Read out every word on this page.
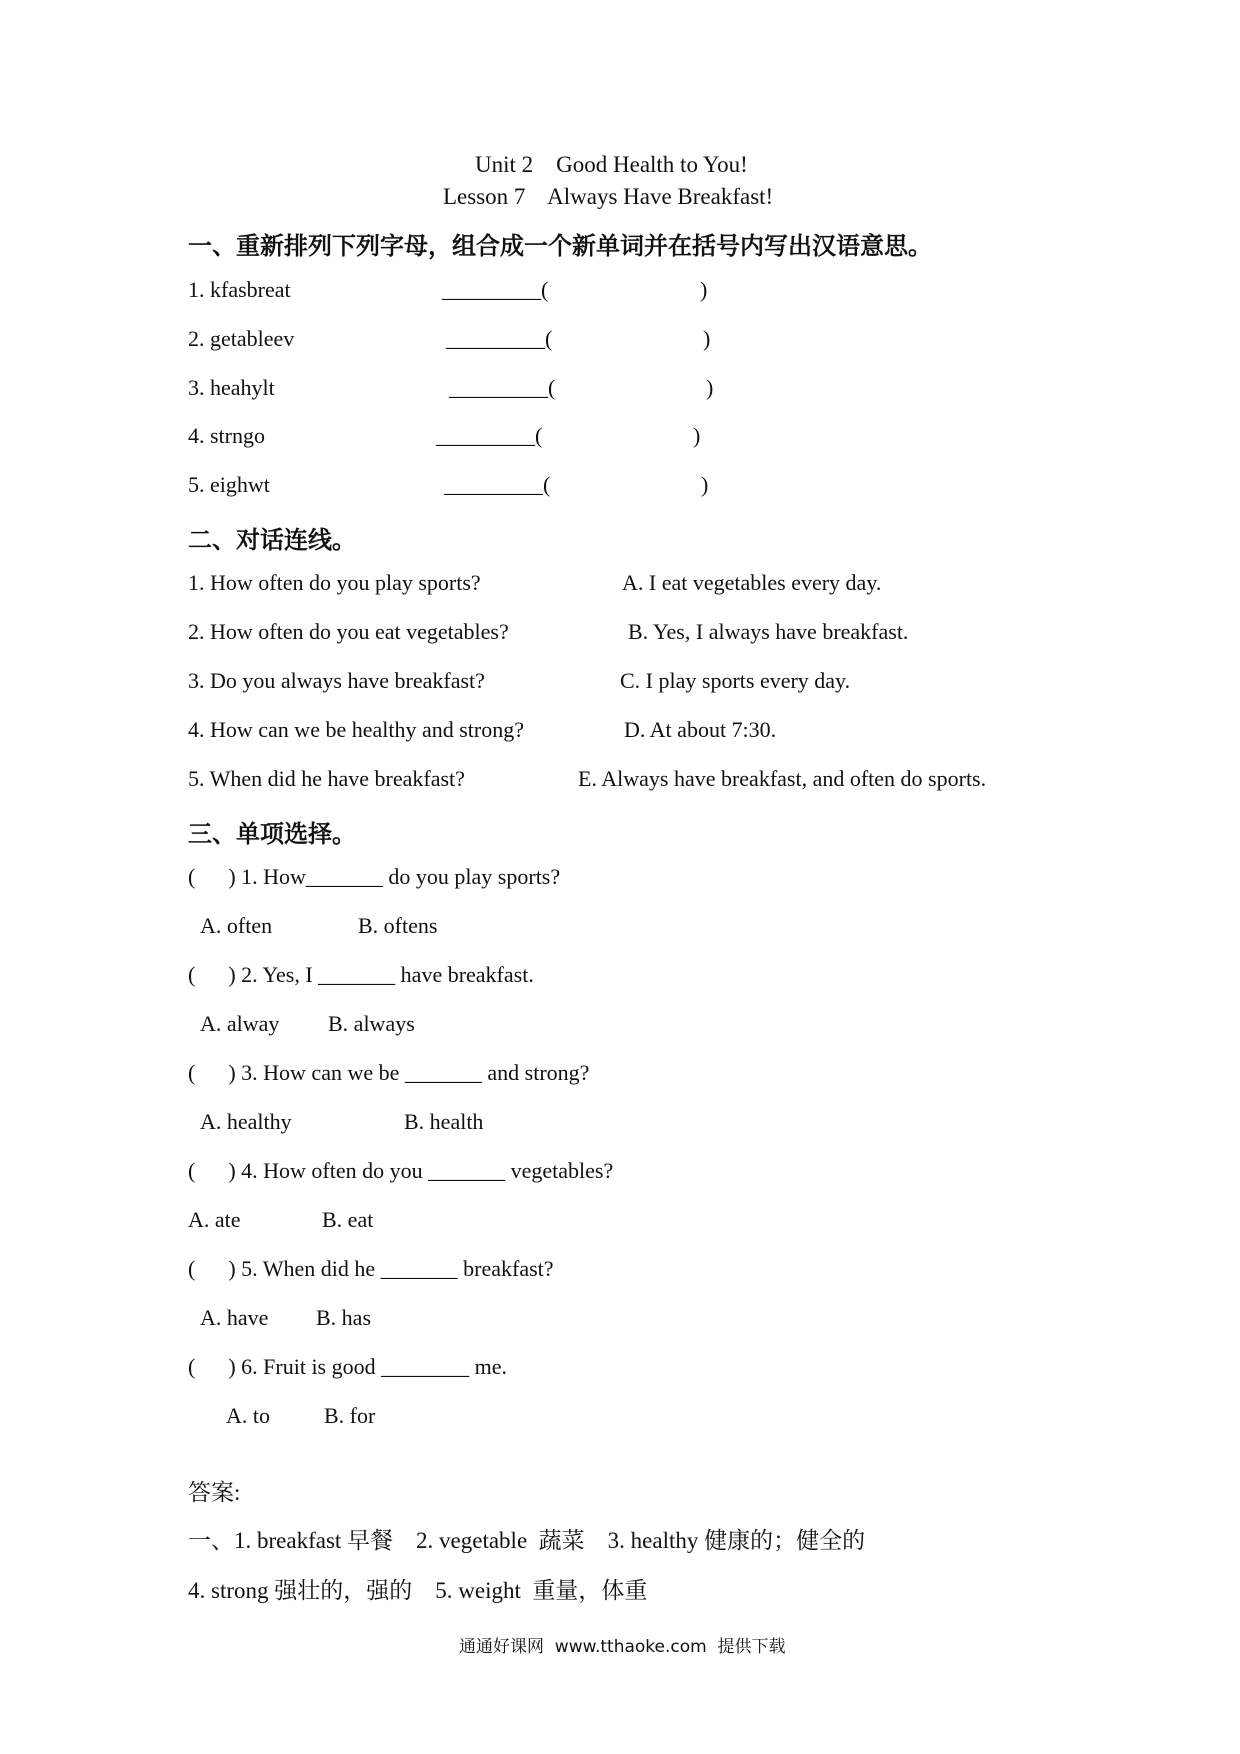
Unit 2    Good Health to You!
Lesson 7    Always Have Breakfast!
一、重新排列下列字母，组合成一个新单词并在括号内写出汉语意思。
1. kfasbreat	_________(	)
2. getableev	_________(	)
3. heahylt	_________(	)
4. strngo	_________(	)
5. eighwt	_________(	)
二、对话连线。
1. How often do you play sports?	A. I eat vegetables every day.
2. How often do you eat vegetables?	B. Yes, I always have breakfast.
3. Do you always have breakfast?	C. I play sports every day.
4. How can we be healthy and strong?	D. At about 7:30.
5. When did he have breakfast?	E. Always have breakfast, and often do sports.
三、单项选择。
(      ) 1. How_______ do you play sports?
A. often	B. oftens
(      ) 2. Yes, I _______ have breakfast.
A. alway B. always
(      ) 3. How can we be _______ and strong?
A. healthy	B. health
(      ) 4. How often do you _______ vegetables?
A. ate	B. eat
(      ) 5. When did he _______ breakfast?
A. have B. has
(      ) 6. Fruit is good ________ me.
A. to B. for
答案:
一、1. breakfast 早餐    2. vegetable  蔬菜    3. healthy 健康的；健全的
4. strong 强壮的，强的    5. weight  重量，体重
通通好课网  www.tthaoke.com  提供下载
